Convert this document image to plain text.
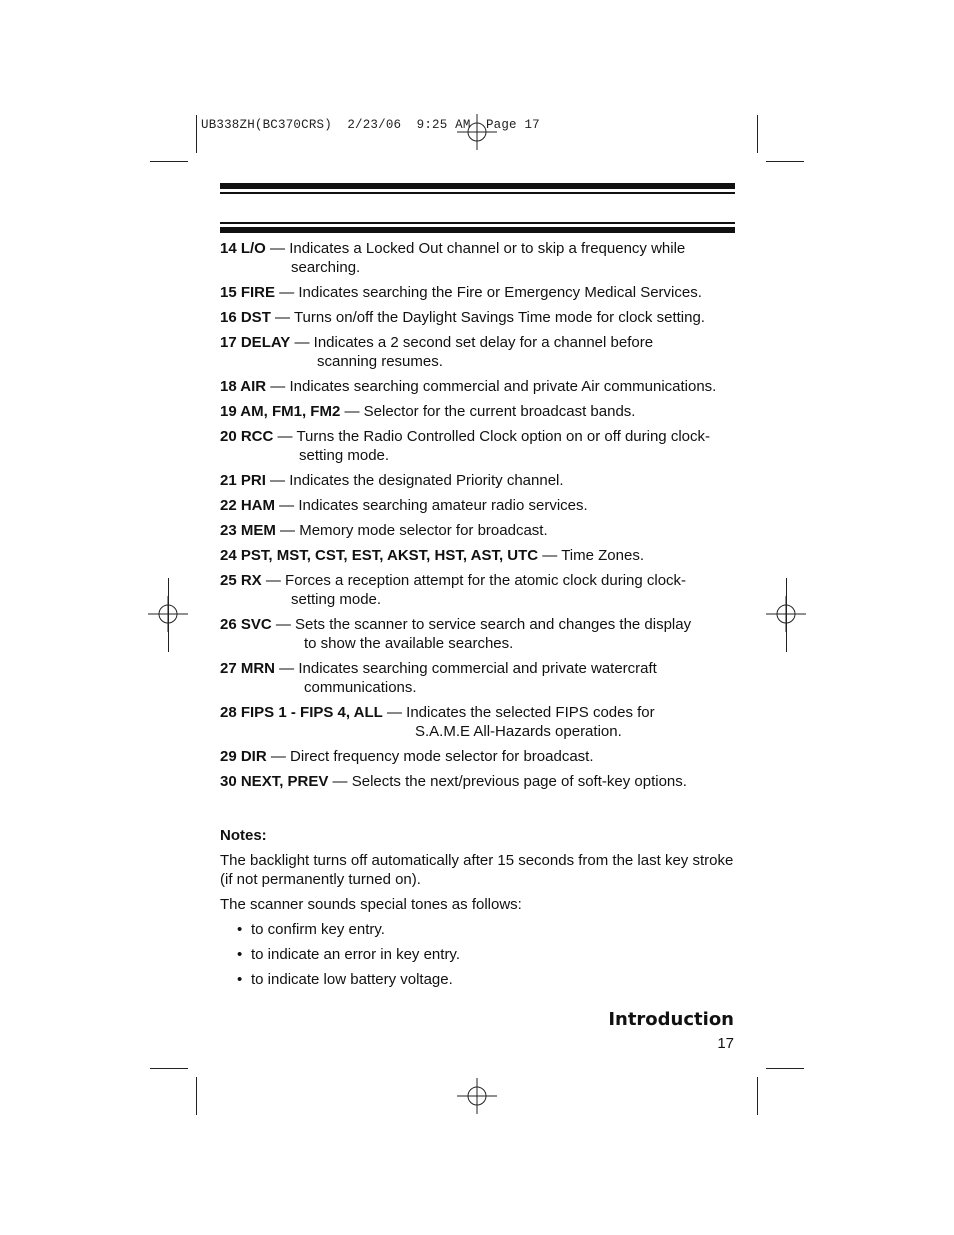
UB338ZH(BC370CRS)  2/23/06  9:25 AM  Page 17
14 L/O — Indicates a Locked Out channel or to skip a frequency while
searching.
15 FIRE — Indicates searching the Fire or Emergency Medical Services.
16 DST — Turns on/off the Daylight Savings Time mode for clock setting.
17 DELAY — Indicates a 2 second set delay for a channel before
scanning resumes.
18 AIR — Indicates searching commercial and private Air communications.
19 AM, FM1, FM2 — Selector for the current broadcast bands.
20 RCC — Turns the Radio Controlled Clock option on or off during clock-
setting mode.
21 PRI — Indicates the designated Priority channel.
22 HAM — Indicates searching amateur radio services.
23 MEM — Memory mode selector for broadcast.
24 PST, MST, CST, EST, AKST, HST, AST, UTC — Time Zones.
25 RX — Forces a reception attempt for the atomic clock during clock-
setting mode.
26 SVC — Sets the scanner to service search and changes the display
to show the available searches.
27 MRN — Indicates searching commercial and private watercraft
communications.
28 FIPS 1 - FIPS 4, ALL — Indicates the selected FIPS codes for
S.A.M.E All-Hazards operation.
29 DIR — Direct frequency mode selector for broadcast.
30 NEXT, PREV — Selects the next/previous page of soft-key options.

Notes:

The backlight turns off automatically after 15 seconds from the last key stroke (if not permanently turned on).

The scanner sounds special tones as follows:

• to confirm key entry.
• to indicate an error in key entry.
• to indicate low battery voltage.
Introduction
17
